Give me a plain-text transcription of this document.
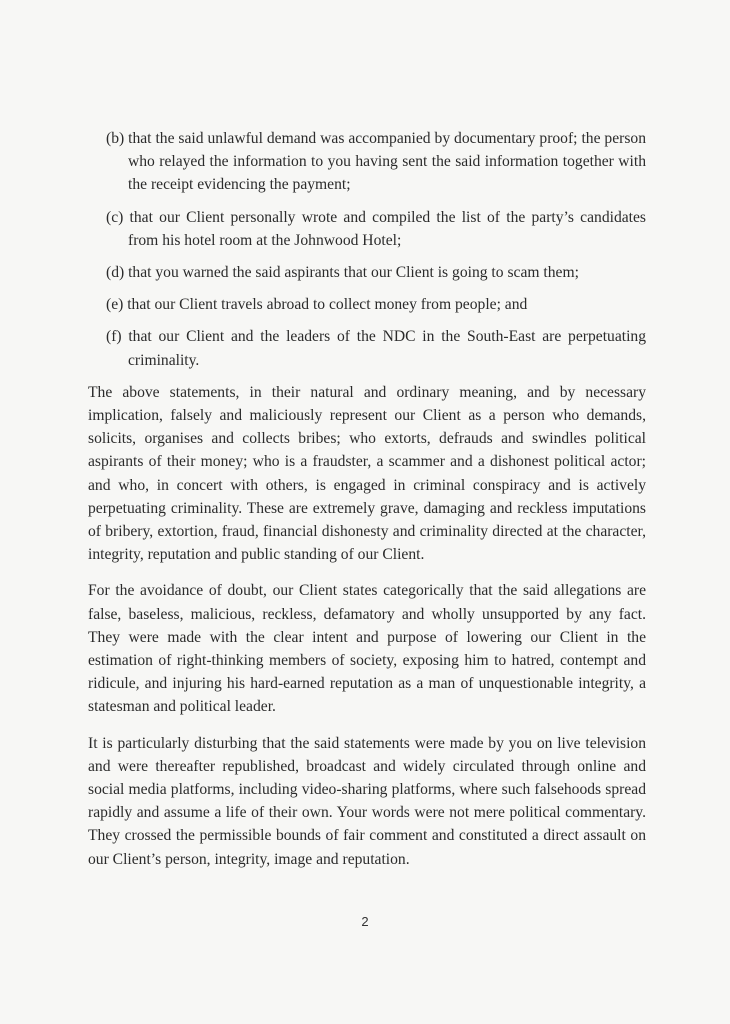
(b) that the said unlawful demand was accompanied by documentary proof; the person who relayed the information to you having sent the said information together with the receipt evidencing the payment;
(c) that our Client personally wrote and compiled the list of the party’s candidates from his hotel room at the Johnwood Hotel;
(d) that you warned the said aspirants that our Client is going to scam them;
(e) that our Client travels abroad to collect money from people; and
(f) that our Client and the leaders of the NDC in the South-East are perpetuating criminality.

The above statements, in their natural and ordinary meaning, and by necessary implication, falsely and maliciously represent our Client as a person who demands, solicits, organises and collects bribes; who extorts, defrauds and swindles political aspirants of their money; who is a fraudster, a scammer and a dishonest political actor; and who, in concert with others, is engaged in criminal conspiracy and is actively perpetuating criminality. These are extremely grave, damaging and reckless imputations of bribery, extortion, fraud, financial dishonesty and criminality directed at the character, integrity, reputation and public standing of our Client.

For the avoidance of doubt, our Client states categorically that the said allegations are false, baseless, malicious, reckless, defamatory and wholly unsupported by any fact. They were made with the clear intent and purpose of lowering our Client in the estimation of right-thinking members of society, exposing him to hatred, contempt and ridicule, and injuring his hard-earned reputation as a man of unquestionable integrity, a statesman and political leader.

It is particularly disturbing that the said statements were made by you on live television and were thereafter republished, broadcast and widely circulated through online and social media platforms, including video-sharing platforms, where such falsehoods spread rapidly and assume a life of their own. Your words were not mere political commentary. They crossed the permissible bounds of fair comment and constituted a direct assault on our Client’s person, integrity, image and reputation.

2
